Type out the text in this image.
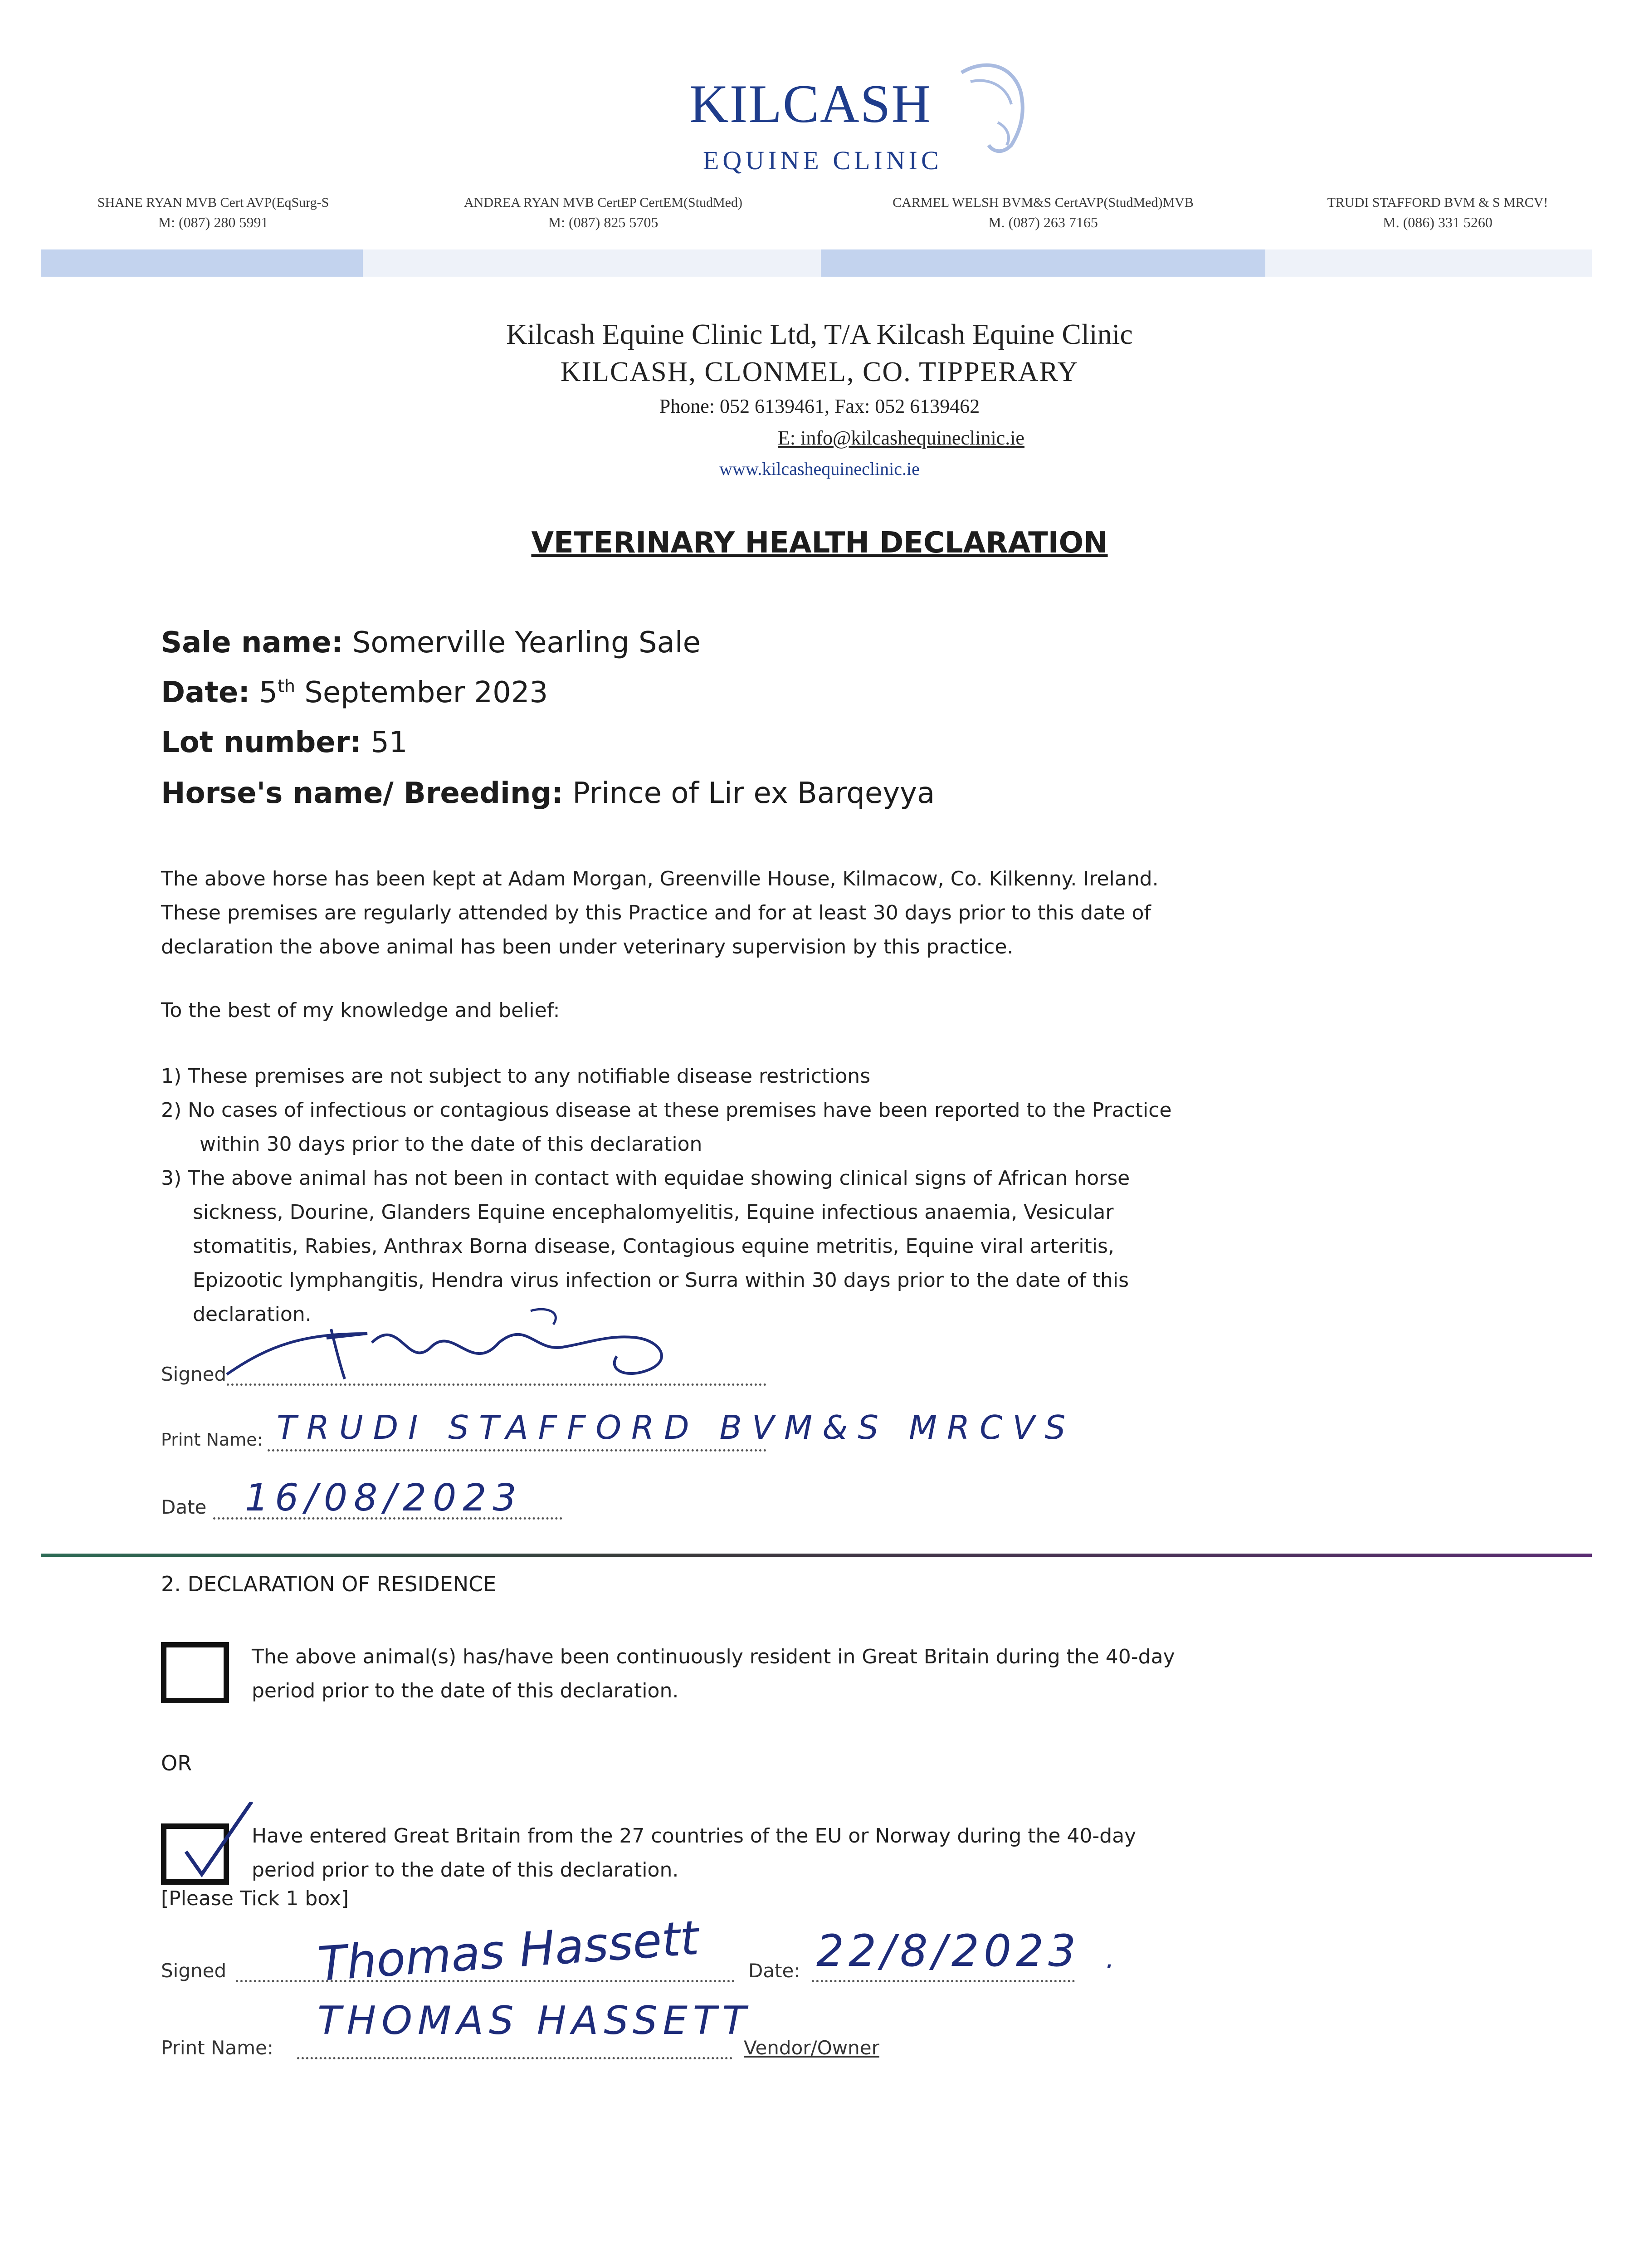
KILCASH
EQUINE CLINIC
SHANE RYAN MVB Cert AVP(EqSurg-S
M: (087) 280 5991
ANDREA RYAN MVB CertEP CertEM(StudMed)
M: (087) 825 5705
CARMEL WELSH BVM&S CertAVP(StudMed)MVB
M. (087) 263 7165
TRUDI STAFFORD BVM & S MRCV!
M. (086) 331 5260
Kilcash Equine Clinic Ltd, T/A Kilcash Equine Clinic
KILCASH, CLONMEL, CO. TIPPERARY
Phone: 052 6139461, Fax: 052 6139462
E: info@kilcashequineclinic.ie
www.kilcashequineclinic.ie
VETERINARY HEALTH DECLARATION
Sale name: Somerville Yearling Sale
Date: 5th September 2023
Lot number: 51
Horse's name/ Breeding: Prince of Lir ex Barqeyya
The above horse has been kept at Adam Morgan, Greenville House, Kilmacow, Co. Kilkenny. Ireland.
These premises are regularly attended by this Practice and for at least 30 days prior to this date of
declaration the above animal has been under veterinary supervision by this practice.
To the best of my knowledge and belief:
1) These premises are not subject to any notifiable disease restrictions
2) No cases of infectious or contagious disease at these premises have been reported to the Practice
within 30 days prior to the date of this declaration
3) The above animal has not been in contact with equidae showing clinical signs of African horse
sickness, Dourine, Glanders Equine encephalomyelitis, Equine infectious anaemia, Vesicular
stomatitis, Rabies, Anthrax Borna disease, Contagious equine metritis, Equine viral arteritis,
Epizootic lymphangitis, Hendra virus infection or Surra within 30 days prior to the date of this
declaration.
Signed
Print Name: TRUDI STAFFORD BVM&S MRCVS
Date 16/08/2023
2. DECLARATION OF RESIDENCE
The above animal(s) has/have been continuously resident in Great Britain during the 40-day
period prior to the date of this declaration.
OR
Have entered Great Britain from the 27 countries of the EU or Norway during the 40-day
period prior to the date of this declaration.
[Please Tick 1 box]
Signed Thomas Hassett	Date: 22/8/2023 ·
Print Name:
THOMAS HASSETT
Vendor/Owner
